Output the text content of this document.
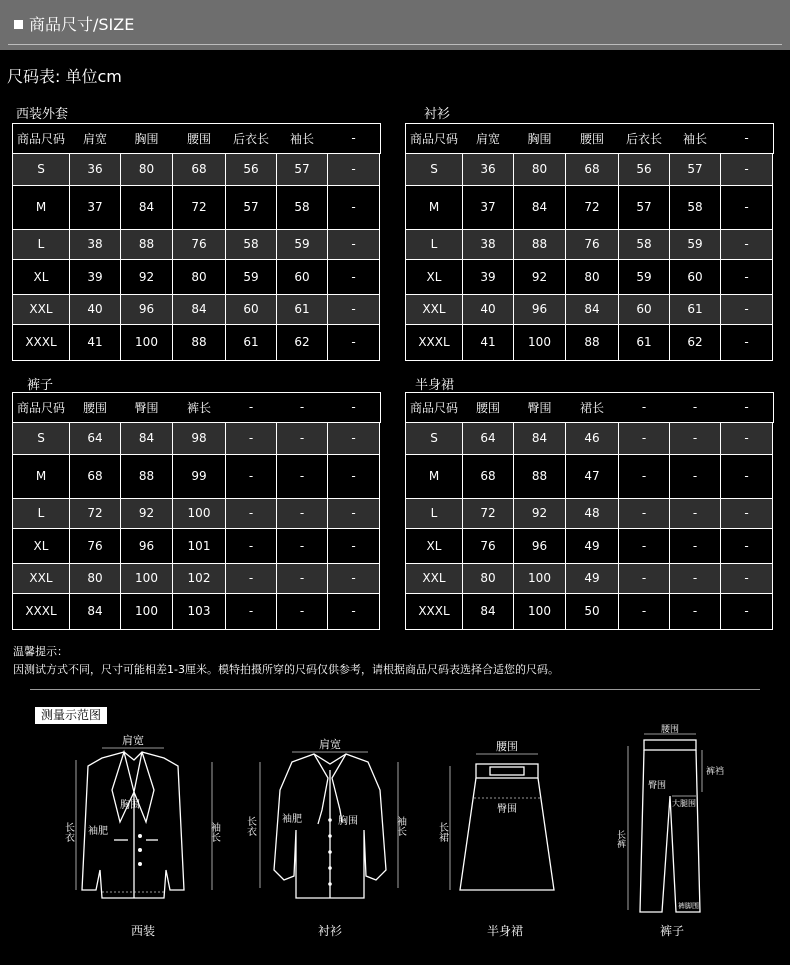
商品尺寸/SIZE
尺码表: 单位cm
西装外套	衬衫
裤子	半身裙
商品尺码	肩宽	胸围	腰围	后衣长	袖长	-
S	36	80	68	56	57	-
M	37	84	72	57	58	-
L	38	88	76	58	59	-
XL	39	92	80	59	60	-
XXL	40	96	84	60	61	-
XXXL	41	100	88	61	62	-
商品尺码	肩宽	胸围	腰围	后衣长	袖长	-
S	36	80	68	56	57	-
M	37	84	72	57	58	-
L	38	88	76	58	59	-
XL	39	92	80	59	60	-
XXL	40	96	84	60	61	-
XXXL	41	100	88	61	62	-
商品尺码	腰围	臀围	裤长	-	-	-
S	64	84	98	-	-	-
M	68	88	99	-	-	-
L	72	92	100	-	-	-
XL	76	96	101	-	-	-
XXL	80	100	102	-	-	-
XXXL	84	100	103	-	-	-
商品尺码	腰围	臀围	裙长	-	-	-
S	64	84	46	-	-	-
M	68	88	47	-	-	-
L	72	92	48	-	-	-
XL	76	96	49	-	-	-
XXL	80	100	49	-	-	-
XXXL	84	100	50	-	-	-
温馨提示：
因测试方式不同，尺寸可能相差1-3厘米。模特拍摄所穿的尺码仅供参考，请根据商品尺码表选择合适您的尺码。
测量示范图
肩宽
胸围
袖肥
长衣	袖长
西装
肩宽
胸围
袖肥
长衣	袖长
衬衫
腰围
臀围
长裙
半身裙
腰围
臀围
裤裆
大腿围
长裤
裤脚围
裤子
